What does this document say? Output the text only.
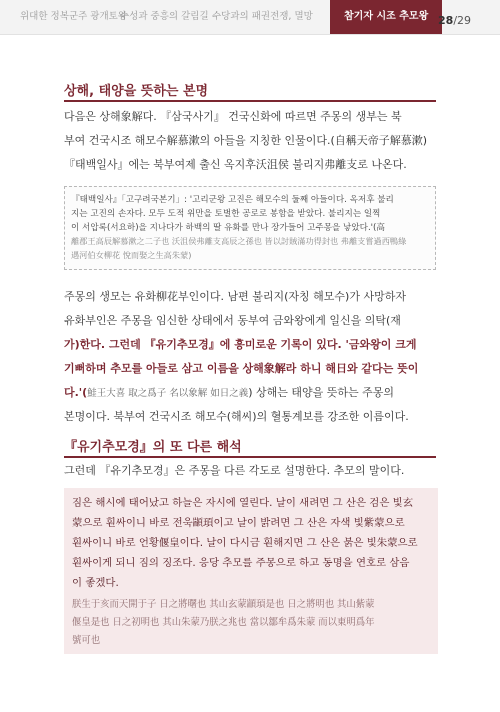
위대한 정복군주 광개토왕
수성과 중흥의 갈림길 수당과의 패권전쟁, 멸망	참기자 시조 추모왕 28/29
상해, 태양을 뜻하는 본명
다음은 상해象解다. 『삼국사기』 건국신화에 따르면 주몽의 생부는 북
부여 건국시조 해모수解慕漱의 아들을 지칭한 인물이다.(自稱天帝子解慕漱)
『태백일사』에는 북부여제 출신 옥지후沃沮侯 불리지弗離支로 나온다.
『태백일사』「고구려국본기」: '고리군왕 고진은 해모수의 둘째 아들이다. 옥저후 불리
지는 고진의 손자다. 모두 도적 위만을 토벌한 공로로 봉함을 받았다. 불리지는 일찍
이 서압록(서요하)을 지나다가 하백의 딸 유화를 만나 장가들어 고주몽을 낳았다.'(高
離郡王高辰解慕漱之二子也 沃沮侯弗離支高辰之孫也 皆以討賊滿功得封也 弗離支嘗過西鴨綠
遇河伯女柳花 悅而娶之生高朱蒙)
주몽의 생모는 유화柳花부인이다. 남편 불리지(자칭 해모수)가 사망하자
유화부인은 주몽을 임신한 상태에서 동부여 금와왕에게 일신을 의탁(재
가)한다. 그런데 『유기추모경』에 흥미로운 기록이 있다. '금와왕이 크게
기뻐하며 추모를 아들로 삼고 이름을 상해象解라 하니 해日와 같다는 뜻이
다.'(鮭王大喜 取之爲子 名以象解 如日之義) 상해는 태양을 뜻하는 주몽의
본명이다. 북부여 건국시조 해모수(해씨)의 혈통계보를 강조한 이름이다.
『유기추모경』의 또 다른 해석
그런데 『유기추모경』은 주몽을 다른 각도로 설명한다. 추모의 말이다.
짐은 해시에 태어났고 하늘은 자시에 열린다. 날이 새려면 그 산은 검은 빛玄
蒙으로 훤싸이니 바로 전욱顓頊이고 날이 밝려면 그 산은 자색 빛紫蒙으로
훤싸이니 바로 언황偃皇이다. 날이 다시금 훤해지면 그 산은 붉은 빛朱蒙으로
훤싸이게 되니 짐의 징조다. 응당 추모를 주몽으로 하고 동명을 연호로 삼음
이 좋겠다.
朕生于亥而天開于子 日之將曙也 其山玄蒙顓頊是也 日之將明也 其山紫蒙
偃皇是也 日之初明也 其山朱蒙乃朕之兆也 當以鄒牟爲朱蒙 而以東明爲年
號可也
